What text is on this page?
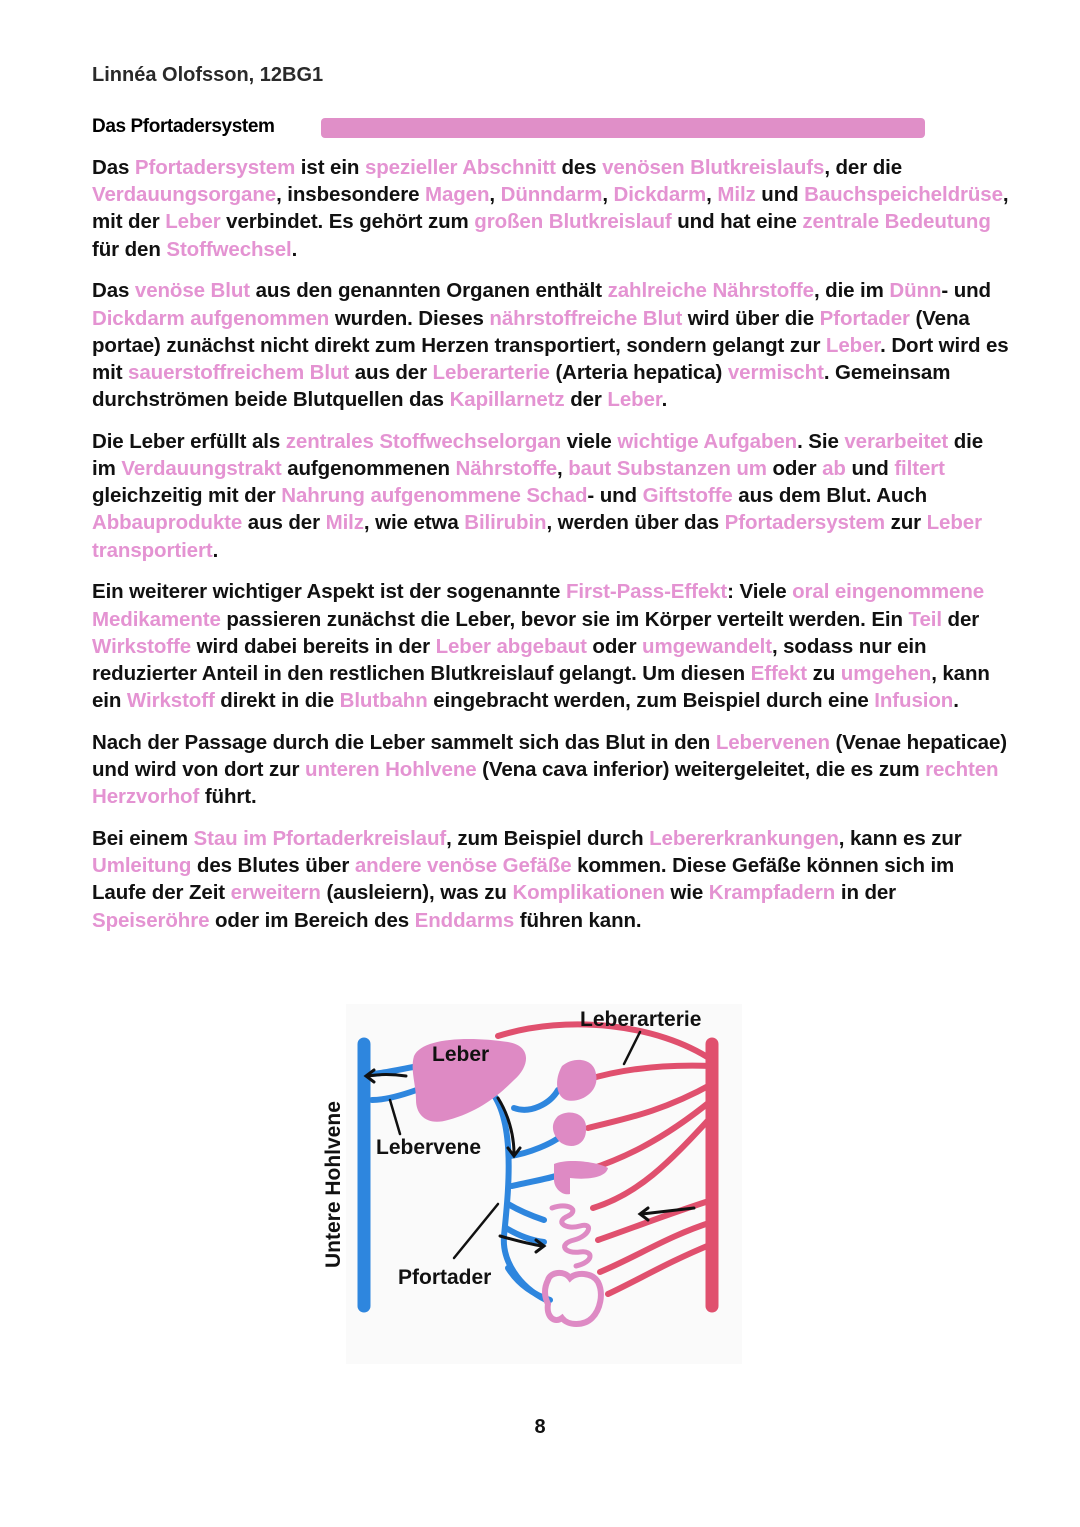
Linnéa Olofsson, 12BG1
Das Pfortadersystem

Das Pfortadersystem ist ein spezieller Abschnitt des venösen Blutkreislaufs, der die Verdauungsorgane, insbesondere Magen, Dünndarm, Dickdarm, Milz und Bauchspeicheldrüse, mit der Leber verbindet. Es gehört zum großen Blutkreislauf und hat eine zentrale Bedeutung für den Stoffwechsel.

Das venöse Blut aus den genannten Organen enthält zahlreiche Nährstoffe, die im Dünn- und Dickdarm aufgenommen wurden. Dieses nährstoffreiche Blut wird über die Pfortader (Vena portae) zunächst nicht direkt zum Herzen transportiert, sondern gelangt zur Leber. Dort wird es mit sauerstoffreichem Blut aus der Leberarterie (Arteria hepatica) vermischt. Gemeinsam durchströmen beide Blutquellen das Kapillarnetz der Leber.

Die Leber erfüllt als zentrales Stoffwechselorgan viele wichtige Aufgaben. Sie verarbeitet die im Verdauungstrakt aufgenommenen Nährstoffe, baut Substanzen um oder ab und filtert gleichzeitig mit der Nahrung aufgenommene Schad- und Giftstoffe aus dem Blut. Auch Abbauprodukte aus der Milz, wie etwa Bilirubin, werden über das Pfortadersystem zur Leber transportiert.

Ein weiterer wichtiger Aspekt ist der sogenannte First-Pass-Effekt: Viele oral eingenommene Medikamente passieren zunächst die Leber, bevor sie im Körper verteilt werden. Ein Teil der Wirkstoffe wird dabei bereits in der Leber abgebaut oder umgewandelt, sodass nur ein reduzierter Anteil in den restlichen Blutkreislauf gelangt. Um diesen Effekt zu umgehen, kann ein Wirkstoff direkt in die Blutbahn eingebracht werden, zum Beispiel durch eine Infusion.

Nach der Passage durch die Leber sammelt sich das Blut in den Lebervenen (Venae hepaticae) und wird von dort zur unteren Hohlvene (Vena cava inferior) weitergeleitet, die es zum rechten Herzvorhof führt.

Bei einem Stau im Pfortaderkreislauf, zum Beispiel durch Lebererkrankungen, kann es zur Umleitung des Blutes über andere venöse Gefäße kommen. Diese Gefäße können sich im Laufe der Zeit erweitern (ausleiern), was zu Komplikationen wie Krampfadern in der Speiseröhre oder im Bereich des Enddarms führen kann.

Leberarterie
Leber
Lebervene
Pfortader
Untere Hohlvene
8
